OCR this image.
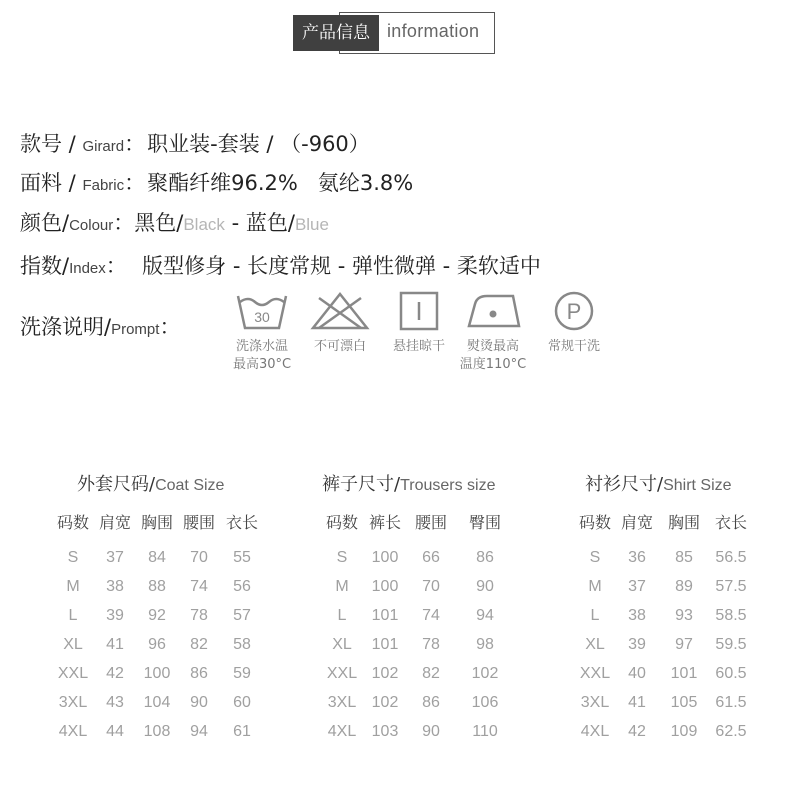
产品信息 information
款号 / Girard：职业装-套装 / （-960）
面料 / Fabric：聚酯纤维96.2%   氨纶3.8%
颜色/Colour：黑色/Black - 蓝色/Blue
指数/Index：  版型修身 - 长度常规 - 弹性微弹 - 柔软适中
洗涤说明/Prompt：	30
洗涤水温
最高30°C
不可漂白	悬挂晾干	熨烫最高
温度110°C
P
常规干洗
外套尺码/Coat Size
码数 肩宽 胸围 腰围 衣长
S 37 84 70 55
M 38 88 74 56
L 39 92 78 57
XL 41 96 82 58
XXL 42 100 86 59
3XL 43 104 90 60
4XL 44 108 94 61
裤子尺寸/Trousers size
码数 裤长 腰围 臀围
S 100 66 86
M 100 70 90
L 101 74 94
XL 101 78 98
XXL 102 82 102
3XL 102 86 106
4XL 103 90 110
衬衫尺寸/Shirt Size
码数 肩宽 胸围 衣长
S 36 85 56.5
M 37 89 57.5
L 38 93 58.5
XL 39 97 59.5
XXL 40 101 60.5
3XL 41 105 61.5
4XL 42 109 62.5
